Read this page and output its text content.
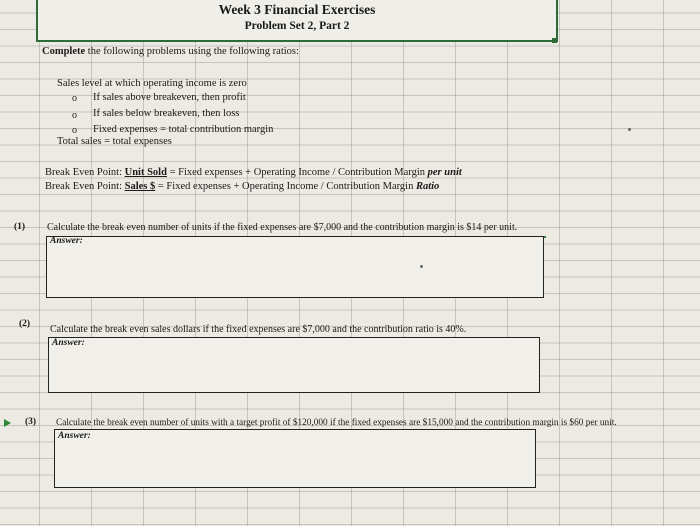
Week 3 Financial Exercises
Problem Set 2, Part 2
Complete the following problems using the following ratios:
Sales level at which operating income is zero
o If sales above breakeven, then profit
o If sales below breakeven, then loss
o Fixed expenses = total contribution margin
Total sales = total expenses
Break Even Point: Unit Sold = Fixed expenses + Operating Income / Contribution Margin per unit
Break Even Point: Sales $ = Fixed expenses + Operating Income / Contribution Margin Ratio
(1) Calculate the break even number of units if the fixed expenses are $7,000 and the contribution margin is $14 per unit.
Answer:
(2) Calculate the break even sales dollars if the fixed expenses are $7,000 and the contribution ratio is 40%.
Answer:
(3) Calculate the break even number of units with a target profit of $120,000 if the fixed expenses are $15,000 and the contribution margin is $60 per unit.
Answer:
